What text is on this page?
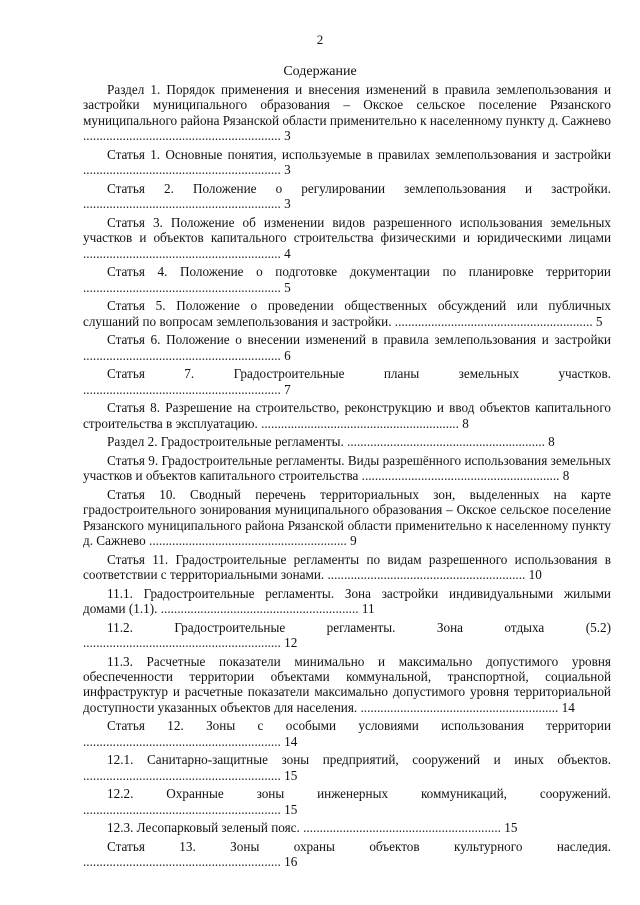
2
Содержание

Раздел 1. Порядок применения и внесения изменений в правила землепользования и застройки муниципального образования – Окское сельское поселение Рязанского муниципального района Рязанской области применительно к населенному пункту д. Сажнево ............................................................ 3

Статья 1. Основные понятия, используемые в правилах землепользования и застройки ............................................................ 3

Статья 2. Положение о регулировании землепользования и застройки. ............................................................ 3

Статья 3. Положение об изменении видов разрешенного использования земельных участков и объектов капитального строительства физическими и юридическими лицами ............................................................ 4

Статья 4. Положение о подготовке документации по планировке территории ............................................................ 5

Статья 5. Положение о проведении общественных обсуждений или публичных слушаний по вопросам землепользования и застройки. ............................................................ 5

Статья 6. Положение о внесении изменений в правила землепользования и застройки ............................................................ 6

Статья 7. Градостроительные планы земельных участков. ............................................................ 7

Статья 8. Разрешение на строительство, реконструкцию и ввод объектов капитального строительства в эксплуатацию. ............................................................ 8

Раздел 2. Градостроительные регламенты. ............................................................ 8

Статья 9. Градостроительные регламенты. Виды разрешённого использования земельных участков и объектов капитального строительства ............................................................ 8

Статья 10. Сводный перечень территориальных зон, выделенных на карте градостроительного зонирования муниципального образования – Окское сельское поселение Рязанского муниципального района Рязанской области применительно к населенному пункту д. Сажнево ............................................................ 9

Статья 11. Градостроительные регламенты по видам разрешенного использования в соответствии с территориальными зонами. ............................................................ 10

11.1. Градостроительные регламенты. Зона застройки индивидуальными жилыми домами (1.1). ............................................................ 11

11.2. Градостроительные регламенты. Зона отдыха (5.2) ............................................................ 12

11.3. Расчетные показатели минимально и максимально допустимого уровня обеспеченности территории объектами коммунальной, транспортной, социальной инфраструктур и расчетные показатели максимально допустимого уровня территориальной доступности указанных объектов для населения. ............................................................ 14

Статья 12. Зоны с особыми условиями использования территории ............................................................ 14

12.1. Санитарно-защитные зоны предприятий, сооружений и иных объектов. ............................................................ 15

12.2. Охранные зоны инженерных коммуникаций, сооружений. ............................................................ 15

12.3. Лесопарковый зеленый пояс. ............................................................ 15

Статья 13. Зоны охраны объектов культурного наследия. ............................................................ 16
